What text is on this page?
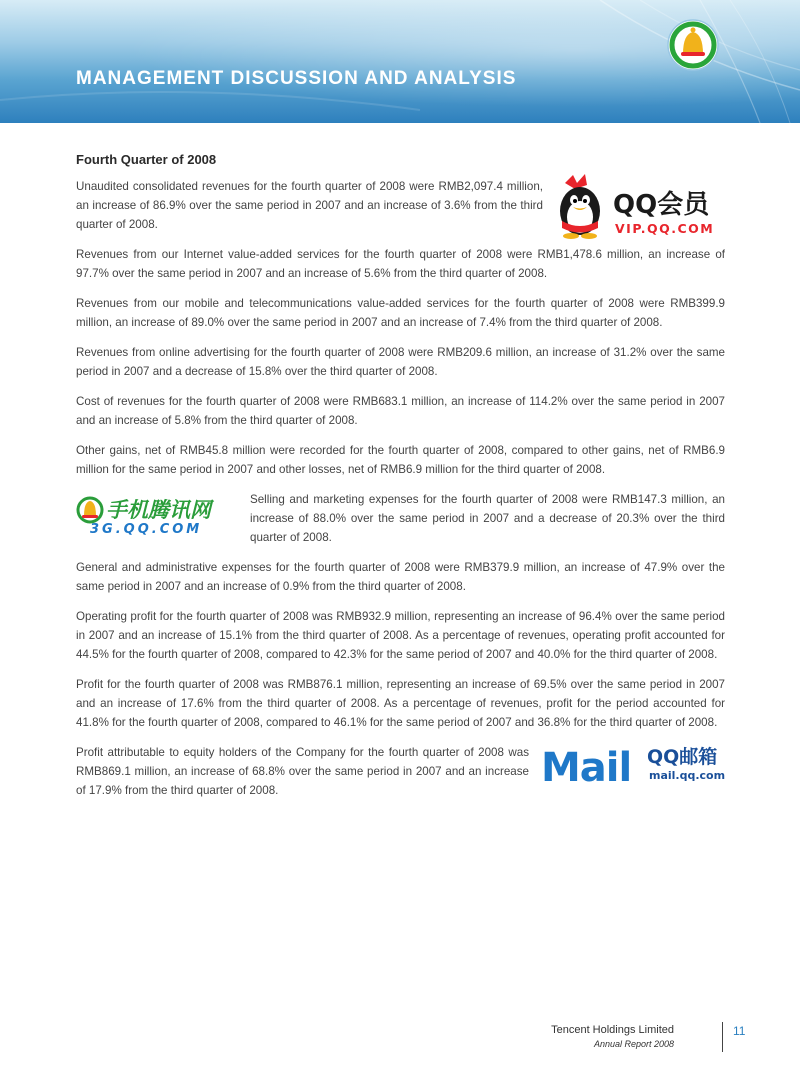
MANAGEMENT DISCUSSION AND ANALYSIS
Fourth Quarter of 2008
QQ会员
VIP.QQ.COM

Unaudited consolidated revenues for the fourth quarter of 2008 were RMB2,097.4 million, an increase of 86.9% over the same period in 2007 and an increase of 3.6% from the third quarter of 2008.

Revenues from our Internet value-added services for the fourth quarter of 2008 were RMB1,478.6 million, an increase of 97.7% over the same period in 2007 and an increase of 5.6% from the third quarter of 2008.

Revenues from our mobile and telecommunications value-added services for the fourth quarter of 2008 were RMB399.9 million, an increase of 89.0% over the same period in 2007 and an increase of 7.4% from the third quarter of 2008.

Revenues from online advertising for the fourth quarter of 2008 were RMB209.6 million, an increase of 31.2% over the same period in 2007 and a decrease of 15.8% over the third quarter of 2008.

Cost of revenues for the fourth quarter of 2008 were RMB683.1 million, an increase of 114.2% over the same period in 2007 and an increase of 5.8% from the third quarter of 2008.

Other gains, net of RMB45.8 million were recorded for the fourth quarter of 2008, compared to other gains, net of RMB6.9 million for the same period in 2007 and other losses, net of RMB6.9 million for the third quarter of 2008.

手机腾讯网
3G.QQ.COM

Selling and marketing expenses for the fourth quarter of 2008 were RMB147.3 million, an increase of 88.0% over the same period in 2007 and a decrease of 20.3% over the third quarter of 2008.

General and administrative expenses for the fourth quarter of 2008 were RMB379.9 million, an increase of 47.9% over the same period in 2007 and an increase of 0.9% from the third quarter of 2008.

Operating profit for the fourth quarter of 2008 was RMB932.9 million, representing an increase of 96.4% over the same period in 2007 and an increase of 15.1% from the third quarter of 2008. As a percentage of revenues, operating profit accounted for 44.5% for the fourth quarter of 2008, compared to 42.3% for the same period of 2007 and 40.0% for the third quarter of 2008.

Profit for the fourth quarter of 2008 was RMB876.1 million, representing an increase of 69.5% over the same period in 2007 and an increase of 17.6% from the third quarter of 2008. As a percentage of revenues, profit for the period accounted for 41.8% for the fourth quarter of 2008, compared to 46.1% for the same period of 2007 and 36.8% for the third quarter of 2008.

Mail QQ邮箱
mail.qq.com

Profit attributable to equity holders of the Company for the fourth quarter of 2008 was RMB869.1 million, an increase of 68.8% over the same period in 2007 and an increase of 17.9% from the third quarter of 2008.

Tencent Holdings Limited
Annual Report 2008
11
